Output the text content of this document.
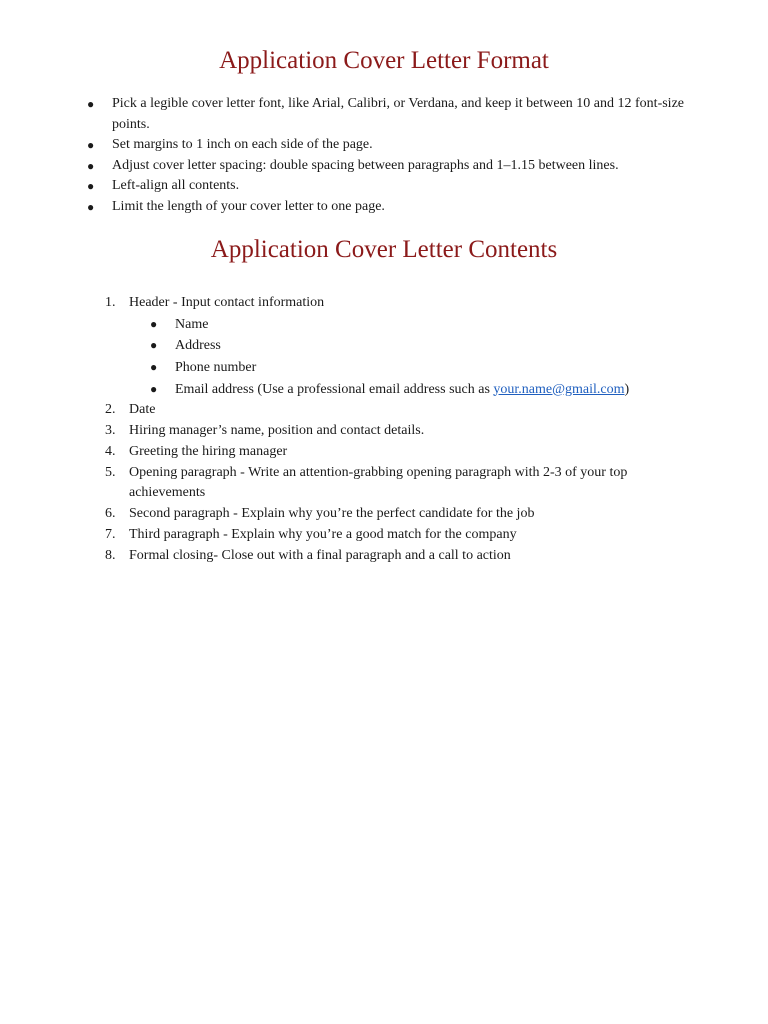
Application Cover Letter Format
● Pick a legible cover letter font, like Arial, Calibri, or Verdana, and keep it between 10 and 12 font-size points.
● Set margins to 1 inch on each side of the page.
● Adjust cover letter spacing: double spacing between paragraphs and 1–1.15 between lines.
● Left-align all contents.
● Limit the length of your cover letter to one page.
Application Cover Letter Contents
1. Header - Input contact information
● Name
● Address
● Phone number
● Email address (Use a professional email address such as your.name@gmail.com)
2. Date
3. Hiring manager’s name, position and contact details.
4. Greeting the hiring manager
5. Opening paragraph - Write an attention-grabbing opening paragraph with 2-3 of your top achievements
6. Second paragraph - Explain why you’re the perfect candidate for the job
7. Third paragraph - Explain why you’re a good match for the company
8. Formal closing- Close out with a final paragraph and a call to action
